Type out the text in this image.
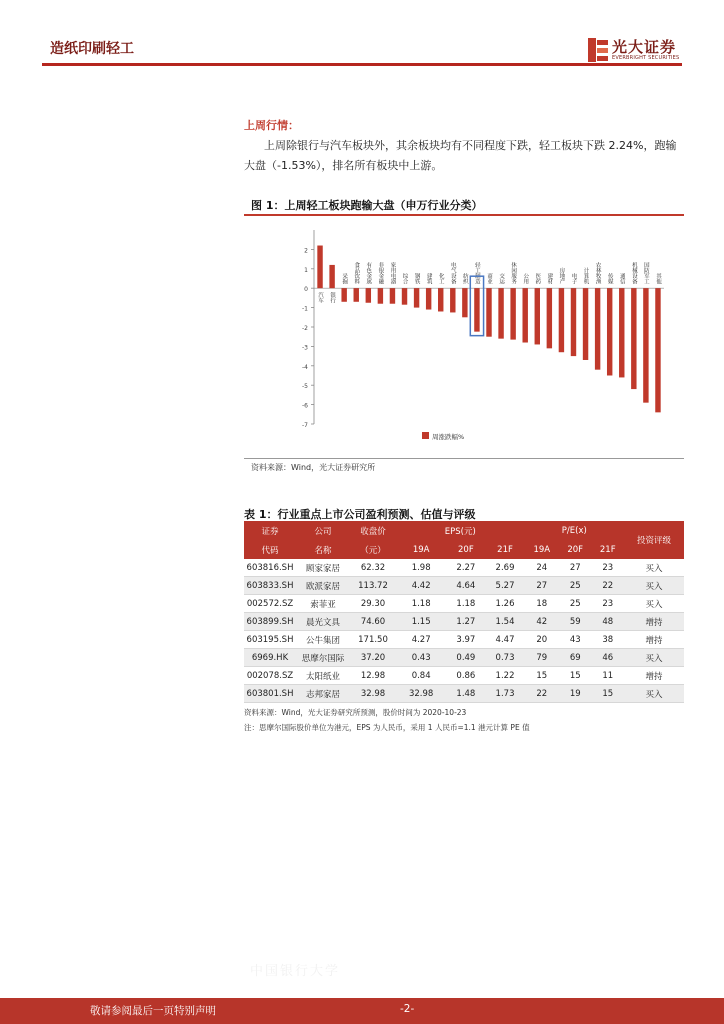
造纸印刷轻工	光大证券
EVERBRIGHT SECURITIES
上周行情：
上周除银行与汽车板块外，其余板块均有不同程度下跌，轻工板块下跌 2.24%，跑输大盘（-1.53%），排名所有板块中上游。
图 1：上周轻工板块跑输大盘（申万行业分类）
2
1
0
-1
-2
-3
-4
-5
-6
-7
汽车 银行
采掘 食品饮料 有色金属 非银金融 家用电器 综合 钢铁 建筑 化工 电气设备 纺织 轻工制造 商业 交运 休闲服务 公用 医药 建材 房地产 电子 计算机 农林牧渔 传媒 通信 机械设备 国防军工 其他
周涨跌幅%
资料来源：Wind，光大证券研究所
表 1：行业重点上市公司盈利预测、估值与评级
证券	公司	收盘价	EPS(元)			P/E(x)			投资评级
代码	名称	（元）	19A	20F	21F	19A	20F	21F	
603816.SH	顾家家居	62.32	1.98	2.27	2.69	24	27	23	买入
603833.SH	欧派家居	113.72	4.42	4.64	5.27	27	25	22	买入
002572.SZ	索菲亚	29.30	1.18	1.18	1.26	18	25	23	买入
603899.SH	晨光文具	74.60	1.15	1.27	1.54	42	59	48	增持
603195.SH	公牛集团	171.50	4.27	3.97	4.47	20	43	38	增持
6969.HK	思摩尔国际	37.20	0.43	0.49	0.73	79	69	46	买入
002078.SZ	太阳纸业	12.98	0.84	0.86	1.22	15	15	11	增持
603801.SH	志邦家居	32.98	32.98	1.48	1.73	22	19	15	买入
资料来源：Wind，光大证券研究所预测，股价时间为 2020-10-23
注：思摩尔国际股价单位为港元，EPS 为人民币，采用 1 人民币=1.1 港元计算 PE 值
中国银行大学
敬请参阅最后一页特别声明	-2-
